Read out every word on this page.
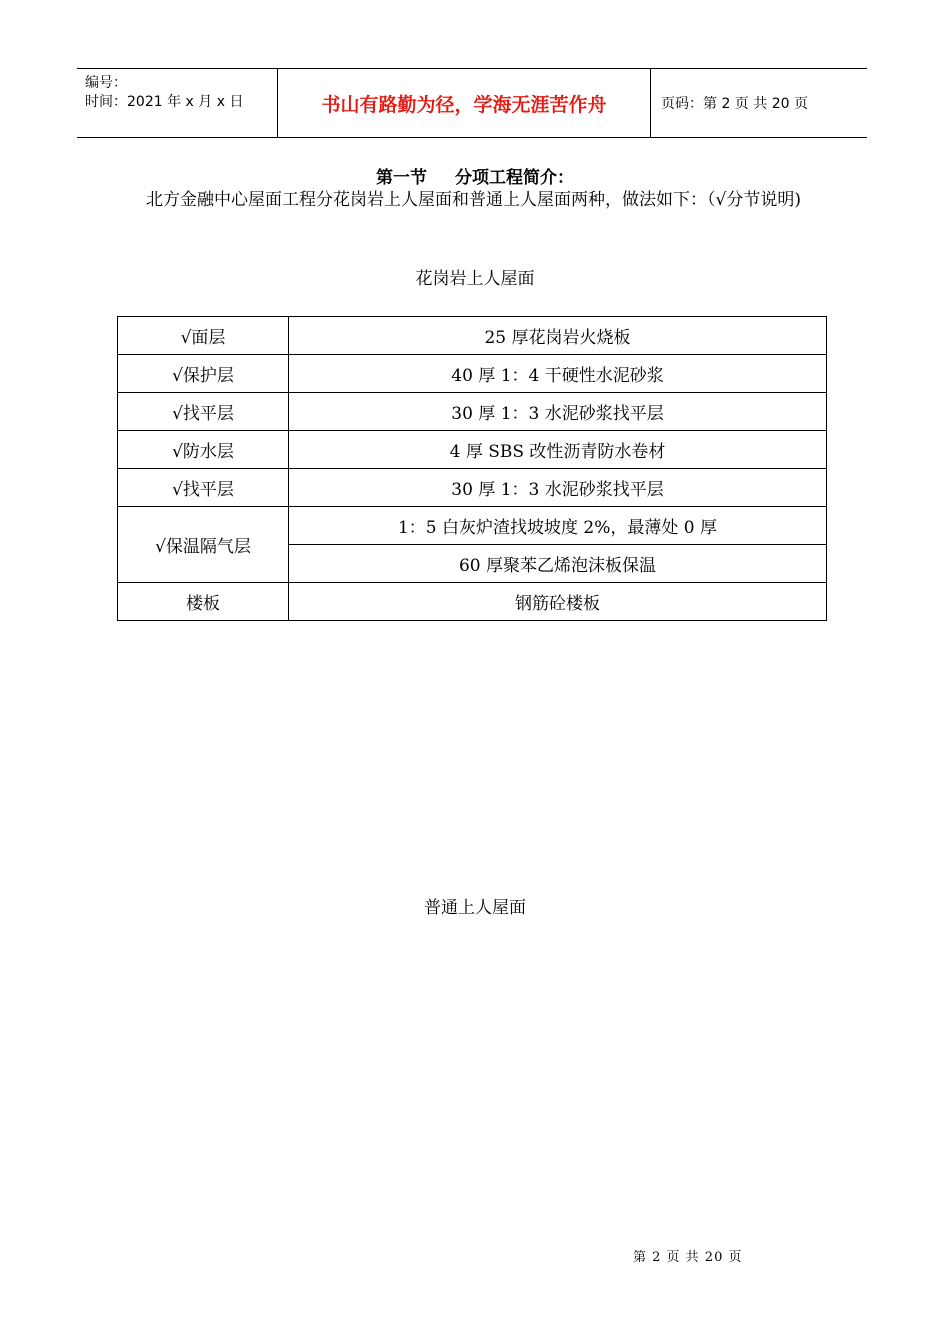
编号：
时间：2021 年 x 月 x 日	书山有路勤为径，学海无涯苦作舟	页码：第 2 页 共 20 页
第一节 分项工程简介：
北方金融中心屋面工程分花岗岩上人屋面和普通上人屋面两种，做法如下：（√分节说明)
花岗岩上人屋面
√面层	25 厚花岗岩火烧板
√保护层	40 厚 1：4 干硬性水泥砂浆
√找平层	30 厚 1：3 水泥砂浆找平层
√防水层	4 厚 SBS 改性沥青防水卷材
√找平层	30 厚 1：3 水泥砂浆找平层
√保温隔气层	1：5 白灰炉渣找坡坡度 2%，最薄处 0 厚
	60 厚聚苯乙烯泡沫板保温
楼板	钢筋砼楼板
普通上人屋面
第 2 页 共 20 页
